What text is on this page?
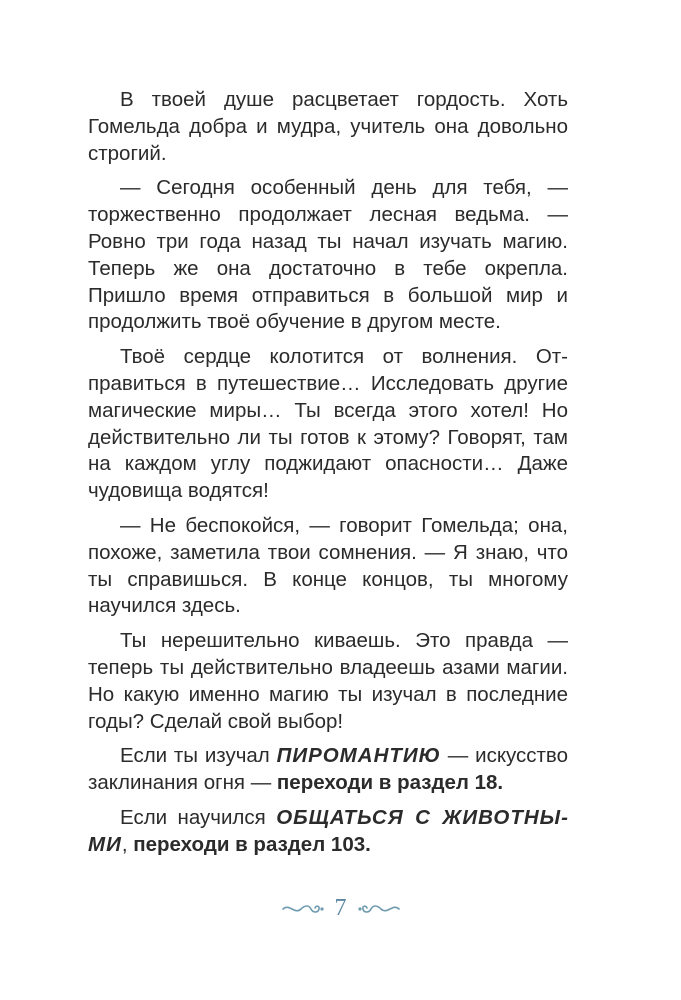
В твоей душе расцветает гордость. Хоть Гомельда добра и мудра, учитель она довольно строгий.

— Сегодня особенный день для тебя, — торжественно продолжает лесная ведьма. — Ровно три года назад ты начал изучать магию. Теперь же она достаточно в тебе окрепла. Пришло время отправиться в большой мир и продолжить твоё обучение в другом месте.

Твоё сердце колотится от волнения. Отправиться в путешествие… Исследовать другие магические миры… Ты всегда этого хотел! Но действительно ли ты готов к этому? Говорят, там на каждом углу поджидают опасности… Даже чудовища водятся!

— Не беспокойся, — говорит Гомельда; она, похоже, заметила твои сомнения. — Я знаю, что ты справишься. В конце концов, ты многому научился здесь.

Ты нерешительно киваешь. Это правда — теперь ты действительно владеешь азами магии. Но какую именно магию ты изучал в последние годы? Сделай свой выбор!

Если ты изучал ПИРОМАНТИЮ — искусство заклинания огня — переходи в раздел 18.

Если научился ОБЩАТЬСЯ С ЖИВОТНЫМИ, переходи в раздел 103.

7
